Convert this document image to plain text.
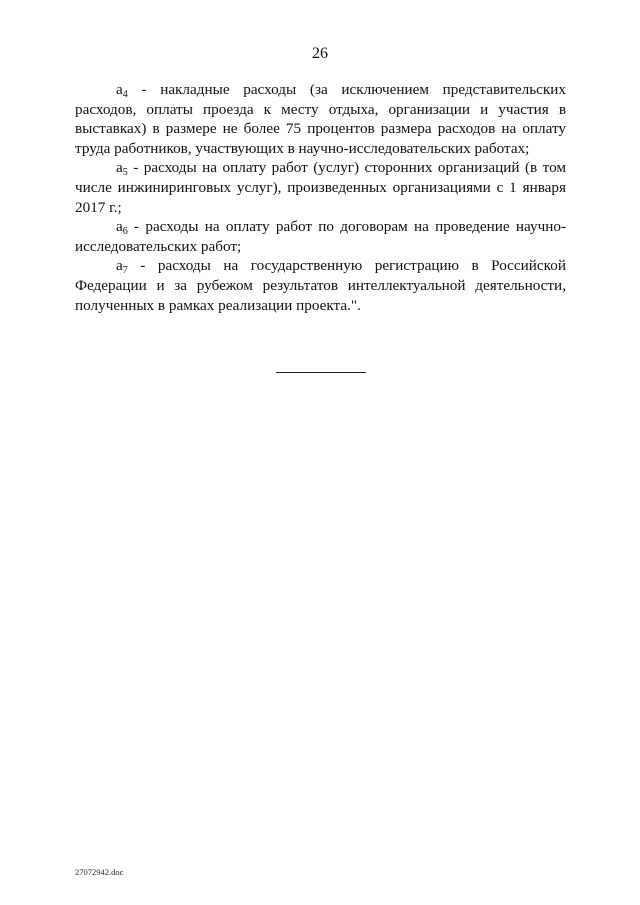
26

$a_4$ - накладные расходы (за исключением представительских расходов, оплаты проезда к месту отдыха, организации и участия в выставках) в размере не более 75 процентов размера расходов на оплату труда работников, участвующих в научно-исследовательских работах;

$a_5$ - расходы на оплату работ (услуг) сторонних организаций (в том числе инжиниринговых услуг), произведенных организациями с 1 января 2017 г.;

$a_6$ - расходы на оплату работ по договорам на проведение научно-исследовательских работ;

$a_7$ - расходы на государственную регистрацию в Российской Федерации и за рубежом результатов интеллектуальной деятельности, полученных в рамках реализации проекта.".

27072942.doc
